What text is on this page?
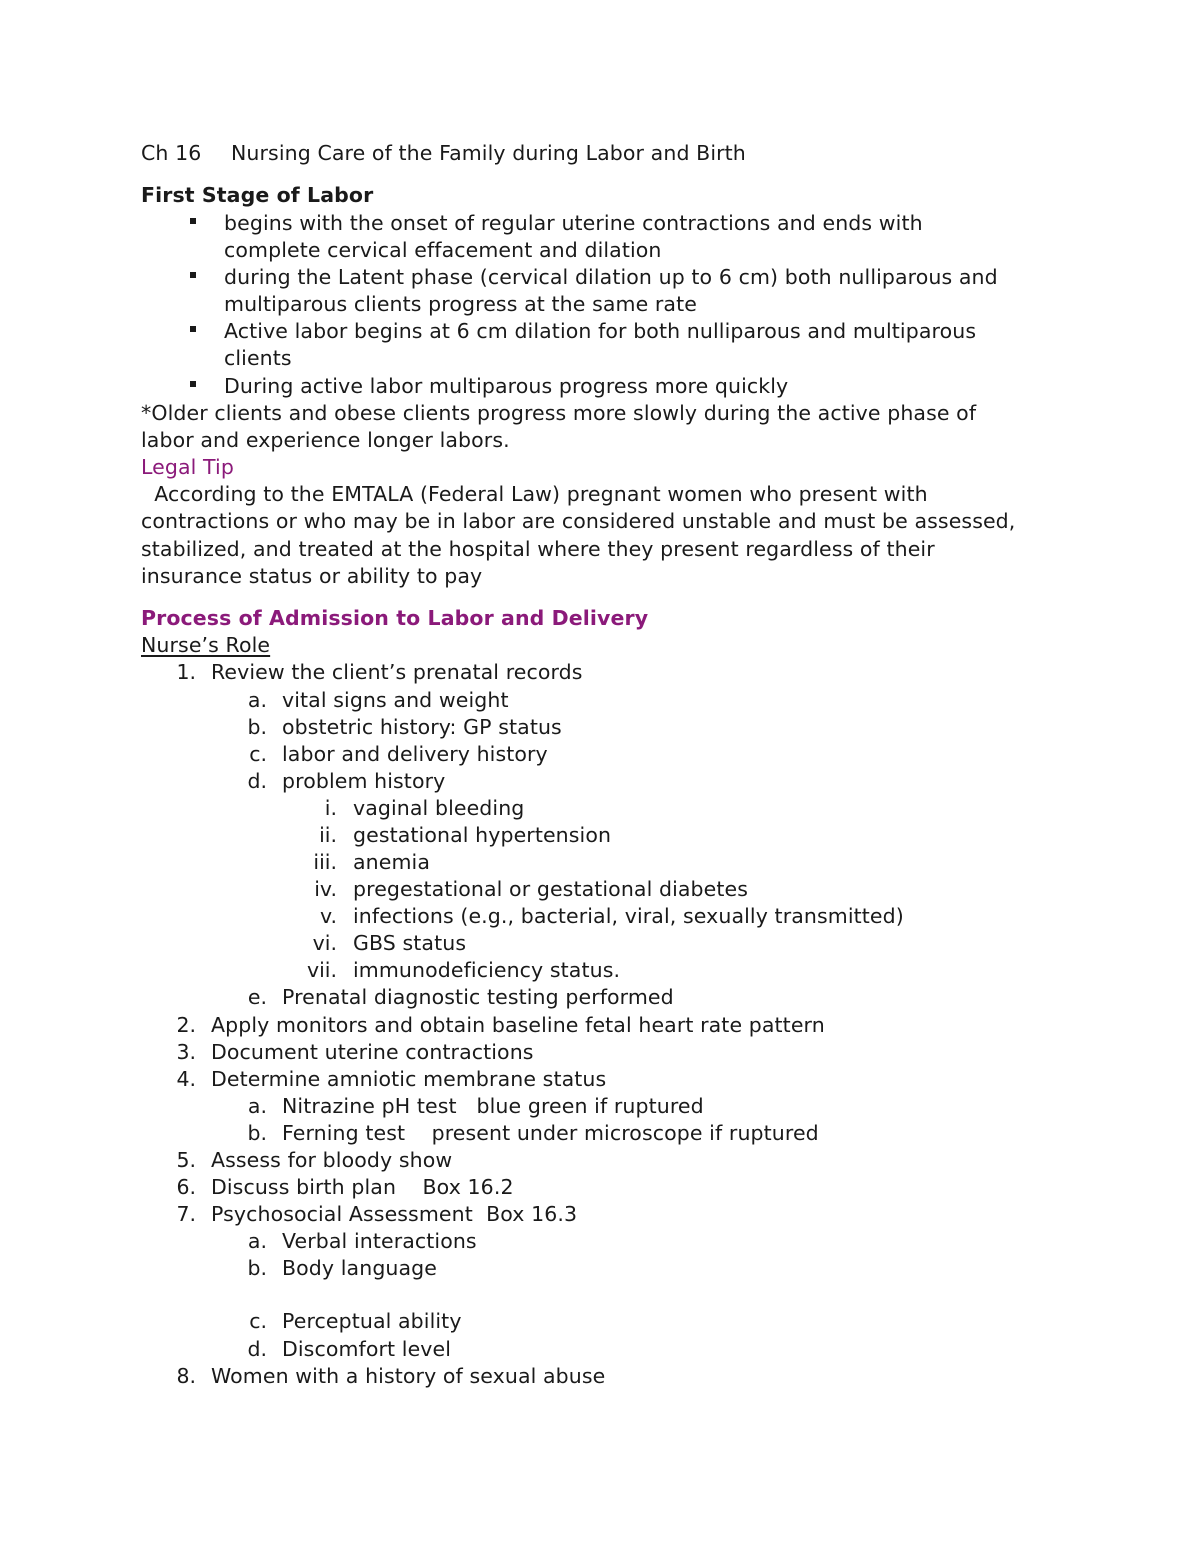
Ch 16 Nursing Care of the Family during Labor and Birth
First Stage of Labor
begins with the onset of regular uterine contractions and ends with
complete cervical effacement and dilation
during the Latent phase (cervical dilation up to 6 cm) both nulliparous and
multiparous clients progress at the same rate
Active labor begins at 6 cm dilation for both nulliparous and multiparous
clients
During active labor multiparous progress more quickly
*Older clients and obese clients progress more slowly during the active phase of
labor and experience longer labors.
Legal Tip
According to the EMTALA (Federal Law) pregnant women who present with
contractions or who may be in labor are considered unstable and must be assessed,
stabilized, and treated at the hospital where they present regardless of their
insurance status or ability to pay
Process of Admission to Labor and Delivery
Nurse’s Role
1. Review the client’s prenatal records
a. vital signs and weight
b. obstetric history: GP status
c. labor and delivery history
d. problem history
i. vaginal bleeding
ii. gestational hypertension
iii. anemia
iv. pregestational or gestational diabetes
v. infections (e.g., bacterial, viral, sexually transmitted)
vi. GBS status
vii. immunodeficiency status.
e. Prenatal diagnostic testing performed
2. Apply monitors and obtain baseline fetal heart rate pattern
3. Document uterine contractions
4. Determine amniotic membrane status
a. Nitrazine pH test   blue green if ruptured
b. Ferning test    present under microscope if ruptured
5. Assess for bloody show
6. Discuss birth plan    Box 16.2
7. Psychosocial Assessment  Box 16.3
a. Verbal interactions
b. Body language
c. Perceptual ability
d. Discomfort level
8. Women with a history of sexual abuse
